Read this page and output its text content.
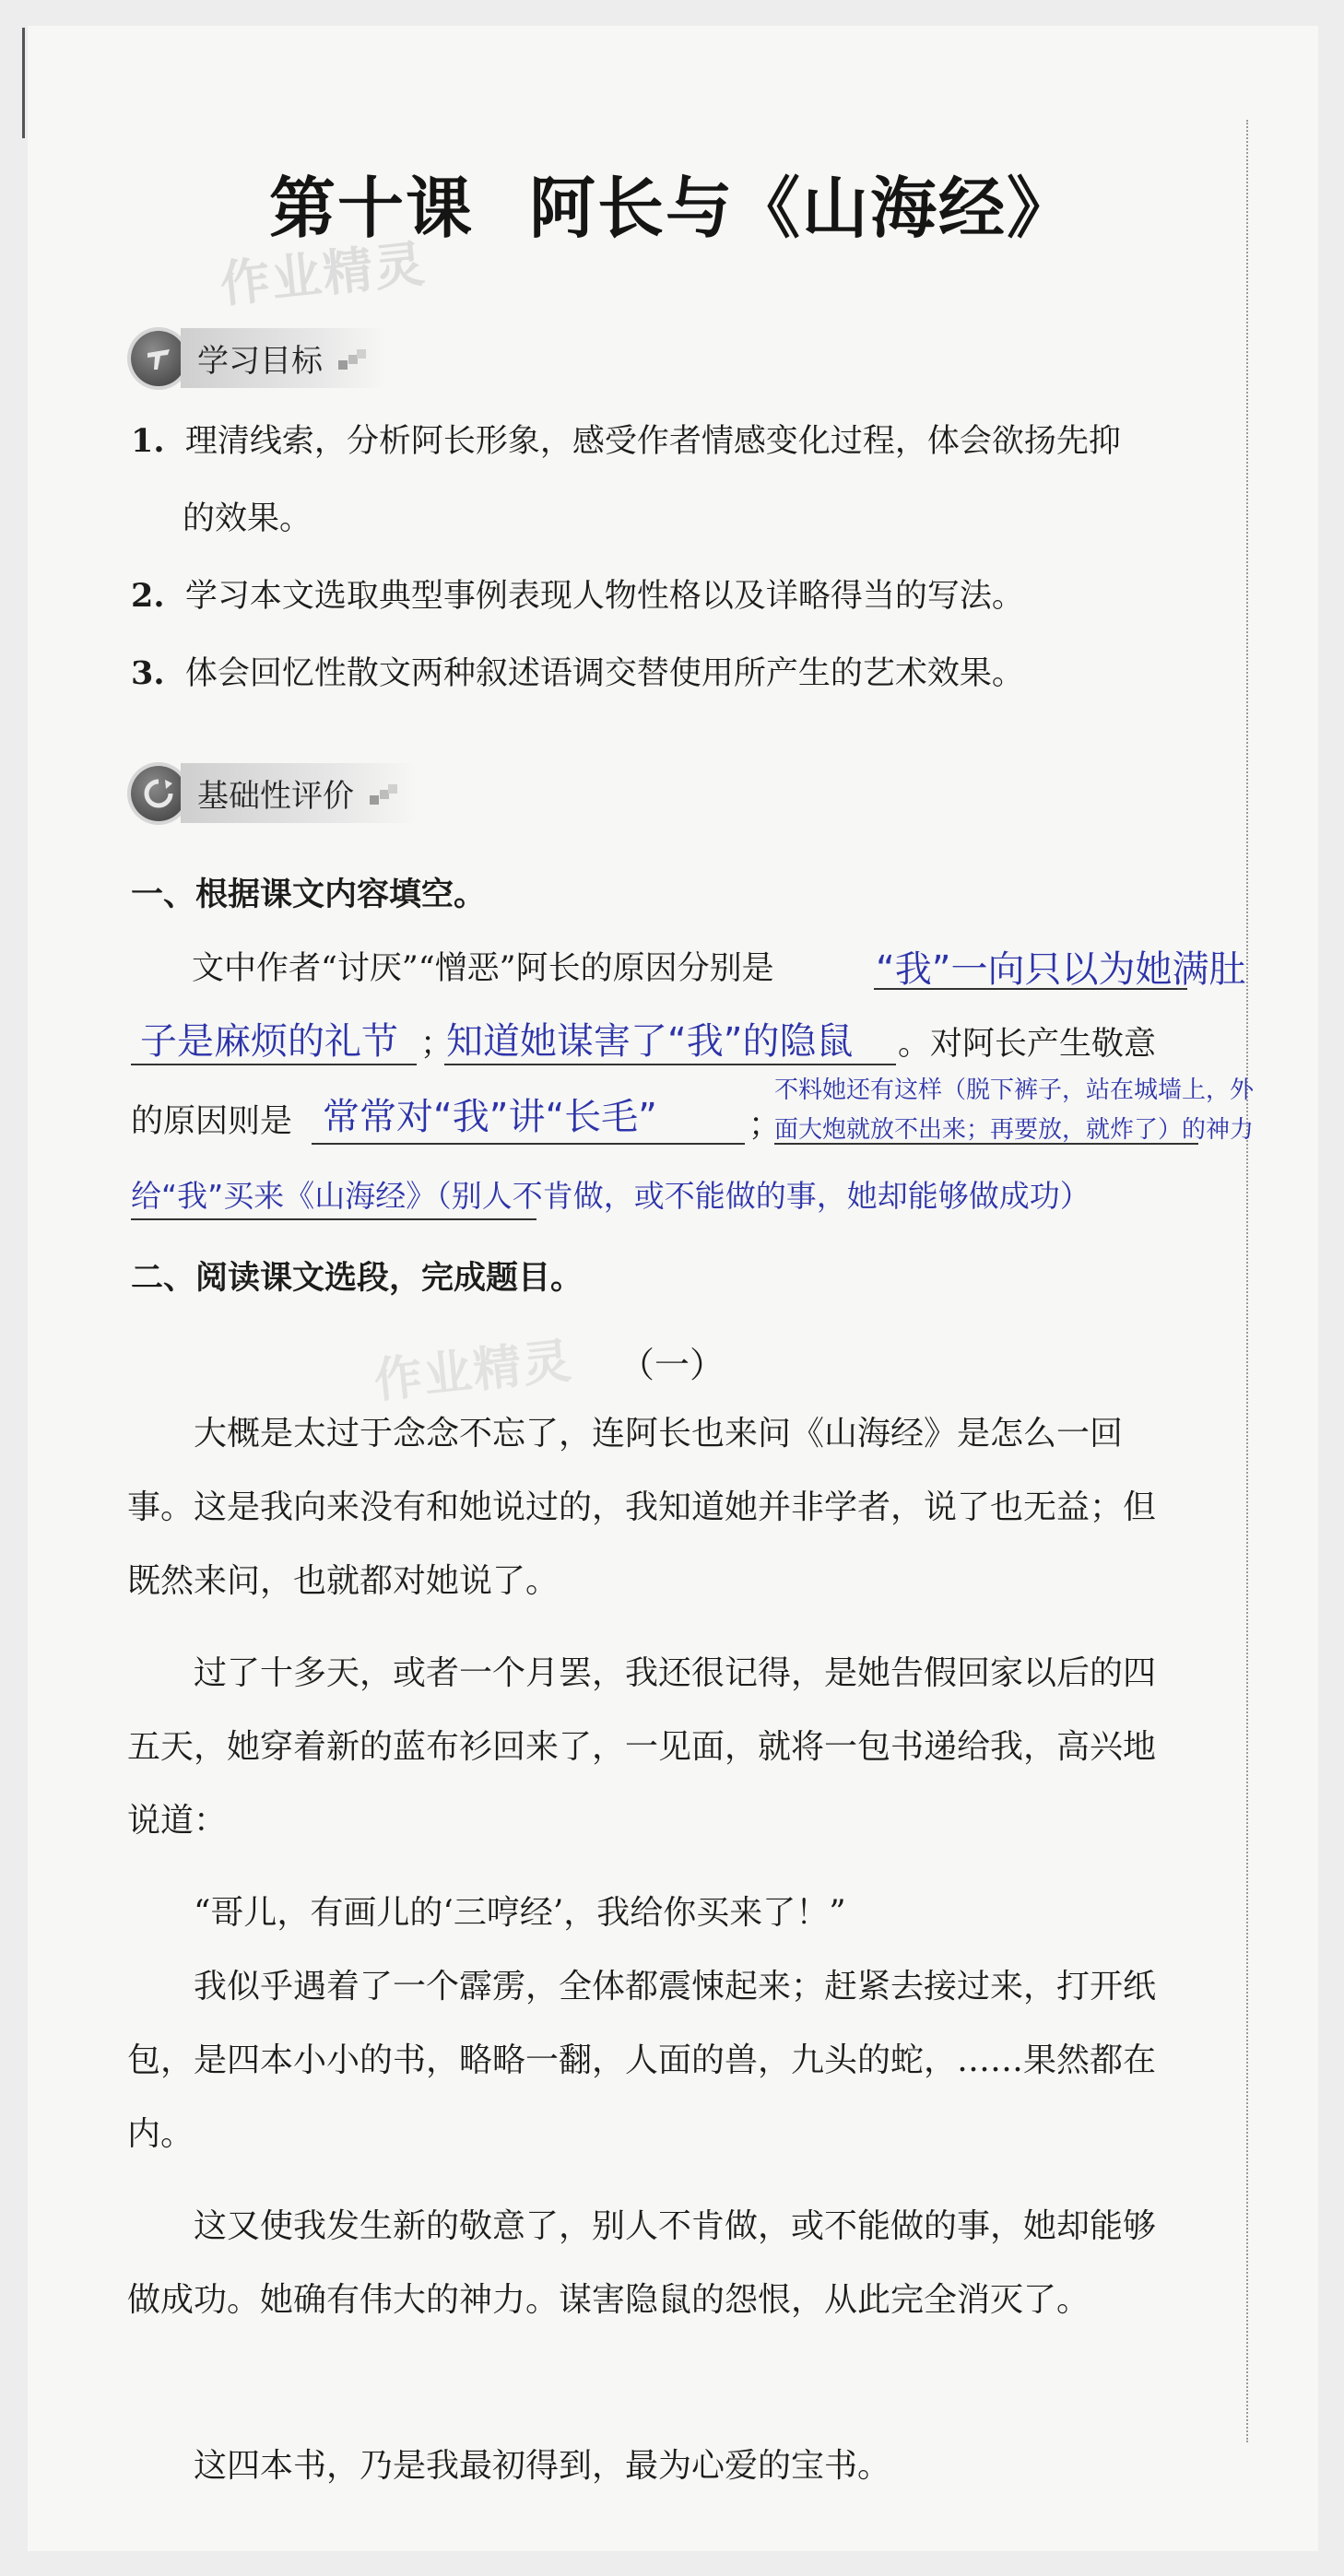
第十课 阿长与《山海经》
作业精灵
学习目标
1. 理清线索，分析阿长形象，感受作者情感变化过程，体会欲扬先抑
的效果。
2. 学习本文选取典型事例表现人物性格以及详略得当的写法。
3. 体会回忆性散文两种叙述语调交替使用所产生的艺术效果。
基础性评价
一、根据课文内容填空。
文中作者“讨厌”“憎恶”阿长的原因分别是	“我”一向只以为她满肚
子是麻烦的礼节 ；
知道她谋害了“我”的隐鼠 。对阿长产生敬意
的原因则是 常常对“我”讲“长毛”	；
不料她还有这样（脱下裤子，站在城墙上，外
面大炮就放不出来；再要放，就炸了）的神力
给“我”买来《山海经》（别人不肯做，或不能做的事，她却能够做成功）
二、阅读课文选段，完成题目。
（一）
作业精灵
大概是太过于念念不忘了，连阿长也来问《山海经》是怎么一回事。这是我向来没有和她说过的，我知道她并非学者，说了也无益；但既然来问，也就都对她说了。
过了十多天，或者一个月罢，我还很记得，是她告假回家以后的四五天，她穿着新的蓝布衫回来了，一见面，就将一包书递给我，高兴地说道：
“哥儿，有画儿的‘三哼经’，我给你买来了！”
我似乎遇着了一个霹雳，全体都震悚起来；赶紧去接过来，打开纸包，是四本小小的书，略略一翻，人面的兽，九头的蛇，……果然都在内。
这又使我发生新的敬意了，别人不肯做，或不能做的事，她却能够做成功。她确有伟大的神力。谋害隐鼠的怨恨，从此完全消灭了。
这四本书，乃是我最初得到，最为心爱的宝书。
